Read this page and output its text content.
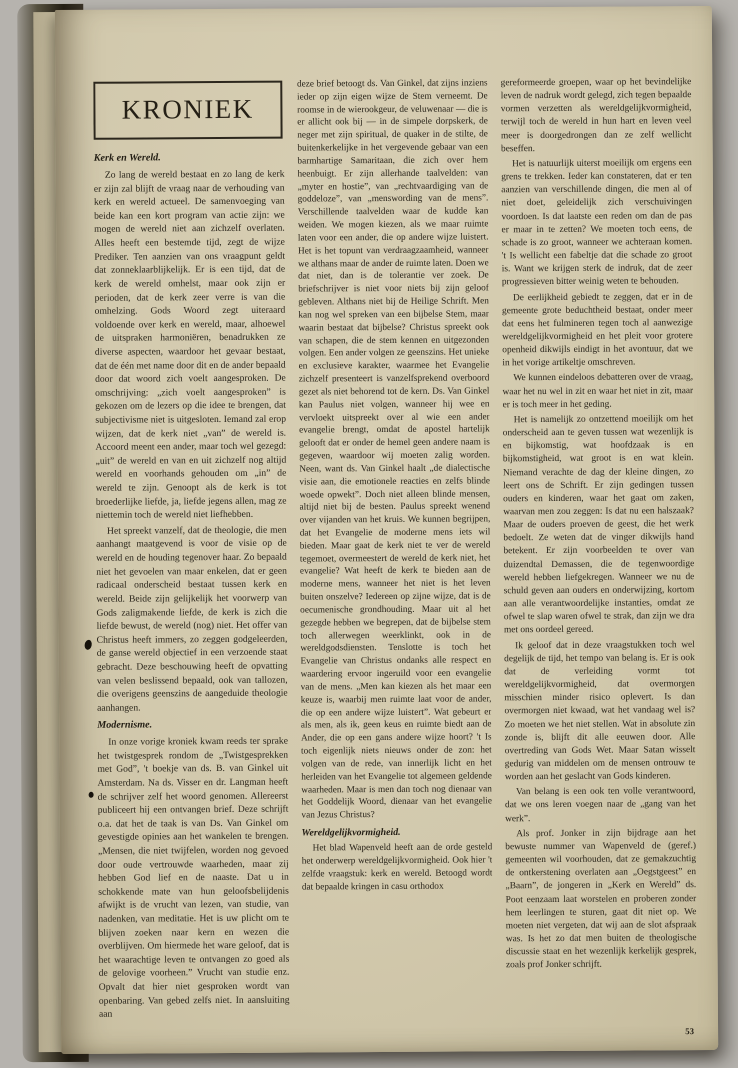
KRONIEK
Kerk en Wereld.

Zo lang de wereld bestaat en zo lang de kerk er zijn zal blijft de vraag naar de verhouding van kerk en wereld actueel. De samenvoeging van beide kan een kort program van actie zijn: we mogen de wereld niet aan zichzelf overlaten. Alles heeft een bestemde tijd, zegt de wijze Prediker. Ten aanzien van ons vraagpunt geldt dat zonneklaarblijkelijk. Er is een tijd, dat de kerk de wereld omhelst, maar ook zijn er perioden, dat de kerk zeer verre is van die omhelzing. Gods Woord zegt uiteraard voldoende over kerk en wereld, maar, alhoewel de uitspraken harmoniëren, benadrukken ze diverse aspecten, waardoor het gevaar bestaat, dat de één met name door dit en de ander bepaald door dat woord zich voelt aangesproken. De omschrijving: „zich voelt aangesproken” is gekozen om de lezers op die idee te brengen, dat subjectivisme niet is uitgesloten. Iemand zal erop wijzen, dat de kerk niet „van” de wereld is. Accoord meent een ander, maar toch wel gezegd: „uit” de wereld en van en uit zichzelf nog altijd wereld en voorhands gehouden om „in” de wereld te zijn. Genoopt als de kerk is tot broederlijke liefde, ja, liefde jegens allen, mag ze niettemin toch de wereld niet liefhebben.

Het spreekt vanzelf, dat de theologie, die men aanhangt maatgevend is voor de visie op de wereld en de houding tegenover haar. Zo bepaald niet het gevoelen van maar enkelen, dat er geen radicaal onderscheid bestaat tussen kerk en wereld. Beide zijn gelijkelijk het voorwerp van Gods zaligmakende liefde, de kerk is zich die liefde bewust, de wereld (nog) niet. Het offer van Christus heeft immers, zo zeggen godgeleerden, de ganse wereld objectief in een verzoende staat gebracht. Deze beschouwing heeft de opvatting van velen beslissend bepaald, ook van tallozen, die overigens geenszins de aangeduide theologie aanhangen.

Modernisme.

In onze vorige kroniek kwam reeds ter sprake het twistgesprek rondom de „Twistgesprekken met God”, 't boekje van ds. B. van Ginkel uit Amsterdam. Na ds. Visser en dr. Langman heeft de schrijver zelf het woord genomen. Allereerst publiceert hij een ontvangen brief. Deze schrijft o.a. dat het de taak is van Ds. Van Ginkel om gevestigde opinies aan het wankelen te brengen. „Mensen, die niet twijfelen, worden nog gevoed door oude vertrouwde waarheden, maar zij hebben God lief en de naaste. Dat u in schokkende mate van hun geloofsbelijdenis afwijkt is de vrucht van lezen, van studie, van nadenken, van meditatie. Het is uw plicht om te blijven zoeken naar kern en wezen die overblijven. Om hiermede het ware geloof, dat is het waarachtige leven te ontvangen zo goed als de gelovige voorheen.” Vrucht van studie enz. Opvalt dat hier niet gesproken wordt van openbaring. Van gebed zelfs niet. In aansluiting aan

deze brief betoogt ds. Van Ginkel, dat zijns inziens ieder op zijn eigen wijze de Stem verneemt. De roomse in de wierookgeur, de veluwenaar — die is er allicht ook bij — in de simpele dorpskerk, de neger met zijn spiritual, de quaker in de stilte, de buitenkerkelijke in het vergevende gebaar van een barmhartige Samaritaan, die zich over hem heenbuigt. Er zijn allerhande taalvelden: van „myter en hostie”, van „rechtvaardiging van de goddeloze”, van „menswording van de mens”. Verschillende taalvelden waar de kudde kan weiden. We mogen kiezen, als we maar ruimte laten voor een ander, die op andere wijze luistert. Het is het topunt van verdraagzaamheid, wanneer we althans maar de ander de ruimte laten. Doen we dat niet, dan is de tolerantie ver zoek. De briefschrijver is niet voor niets bij zijn geloof gebleven. Althans niet bij de Heilige Schrift. Men kan nog wel spreken van een bijbelse Stem, maar waarin bestaat dat bijbelse? Christus spreekt ook van schapen, die de stem kennen en uitgezonden volgen. Een ander volgen ze geenszins. Het unieke en exclusieve karakter, waarmee het Evangelie zichzelf presenteert is vanzelfsprekend overboord gezet als niet behorend tot de kern. Ds. Van Ginkel kan Paulus niet volgen, wanneer hij wee en vervloekt uitspreekt over al wie een ander evangelie brengt, omdat de apostel hartelijk gelooft dat er onder de hemel geen andere naam is gegeven, waardoor wij moeten zalig worden. Neen, want ds. Van Ginkel haalt „de dialectische visie aan, die emotionele reacties en zelfs blinde woede opwekt”. Doch niet alleen blinde mensen, altijd niet bij de besten. Paulus spreekt wenend over vijanden van het kruis. We kunnen begrijpen, dat het Evangelie de moderne mens iets wil bieden. Maar gaat de kerk niet te ver de wereld tegemoet, overmeestert de wereld de kerk niet, het evangelie? Wat heeft de kerk te bieden aan de moderne mens, wanneer het niet is het leven buiten onszelve? Iedereen op zijne wijze, dat is de oecumenische grondhouding. Maar uit al het gezegde hebben we begrepen, dat de bijbelse stem toch allerwegen weerklinkt, ook in de wereldgodsdiensten. Tenslotte is toch het Evangelie van Christus ondanks alle respect en waardering ervoor ingeruild voor een evangelie van de mens. „Men kan kiezen als het maar een keuze is, waarbij men ruimte laat voor de ander, die op een andere wijze luistert”. Wat gebeurt er als men, als ik, geen keus en ruimte biedt aan de Ander, die op een gans andere wijze hoort? 't Is toch eigenlijk niets nieuws onder de zon: het volgen van de rede, van innerlijk licht en het herleiden van het Evangelie tot algemeen geldende waarheden. Maar is men dan toch nog dienaar van het Goddelijk Woord, dienaar van het evangelie van Jezus Christus?

Wereldgelijkvormigheid.

Het blad Wapenveld heeft aan de orde gesteld het onderwerp wereldgelijkvormigheid. Ook hier 't zelfde vraagstuk: kerk en wereld. Betoogd wordt dat bepaalde kringen in casu orthodox

gereformeerde groepen, waar op het bevindelijke leven de nadruk wordt gelegd, zich tegen bepaalde vormen verzetten als wereldgelijkvormigheid, terwijl toch de wereld in hun hart en leven veel meer is doorgedrongen dan ze zelf wellicht beseffen.

Het is natuurlijk uiterst moeilijk om ergens een grens te trekken. Ieder kan constateren, dat er ten aanzien van verschillende dingen, die men al of niet doet, geleidelijk zich verschuivingen voordoen. Is dat laatste een reden om dan de pas er maar in te zetten? We moeten toch eens, de schade is zo groot, wanneer we achteraan komen. 't Is wellicht een fabeltje dat die schade zo groot is. Want we krijgen sterk de indruk, dat de zeer progressieven bitter weinig weten te behouden.

De eerlijkheid gebiedt te zeggen, dat er in de gemeente grote beduchtheid bestaat, onder meer dat eens het fulmineren tegen toch al aanwezige wereldgelijkvormigheid en het pleit voor grotere openheid dikwijls eindigt in het avontuur, dat we in het vorige artikeltje omschreven.

We kunnen eindeloos debatteren over de vraag, waar het nu wel in zit en waar het niet in zit, maar er is toch meer in het geding.

Het is namelijk zo ontzettend moeilijk om het onderscheid aan te geven tussen wat wezenlijk is en bijkomstig, wat hoofdzaak is en bijkomstigheid, wat groot is en wat klein. Niemand verachte de dag der kleine dingen, zo leert ons de Schrift. Er zijn gedingen tussen ouders en kinderen, waar het gaat om zaken, waarvan men zou zeggen: Is dat nu een halszaak? Maar de ouders proeven de geest, die het werk bedoelt. Ze weten dat de vinger dikwijls hand betekent. Er zijn voorbeelden te over van duizendtal Demassen, die de tegenwoordige wereld hebben liefgekregen. Wanneer we nu de schuld geven aan ouders en onderwijzing, kortom aan alle verantwoordelijke instanties, omdat ze ofwel te slap waren ofwel te strak, dan zijn we dra met ons oordeel gereed.

Ik geloof dat in deze vraagstukken toch wel degelijk de tijd, het tempo van belang is. Er is ook dat de verleiding vormt tot wereldgelijkvormigheid, dat overmorgen misschien minder risico oplevert. Is dan overmorgen niet kwaad, wat het vandaag wel is? Zo moeten we het niet stellen. Wat in absolute zin zonde is, blijft dit alle eeuwen door. Alle overtreding van Gods Wet. Maar Satan wisselt gedurig van middelen om de mensen ontrouw te worden aan het geslacht van Gods kinderen.

Van belang is een ook ten volle verantwoord, dat we ons leren voegen naar de „gang van het werk”.

Als prof. Jonker in zijn bijdrage aan het bewuste nummer van Wapenveld de (geref.) gemeenten wil voorhouden, dat ze gemakzuchtig de ontkerstening overlaten aan „Oegstgeest” en „Baarn”, de jongeren in „Kerk en Wereld” ds. Poot eenzaam laat worstelen en proberen zonder hem leerlingen te sturen, gaat dit niet op. We moeten niet vergeten, dat wij aan de slot afspraak was. Is het zo dat men buiten de theologische discussie staat en het wezenlijk kerkelijk gesprek, zoals prof Jonker schrijft.

53
